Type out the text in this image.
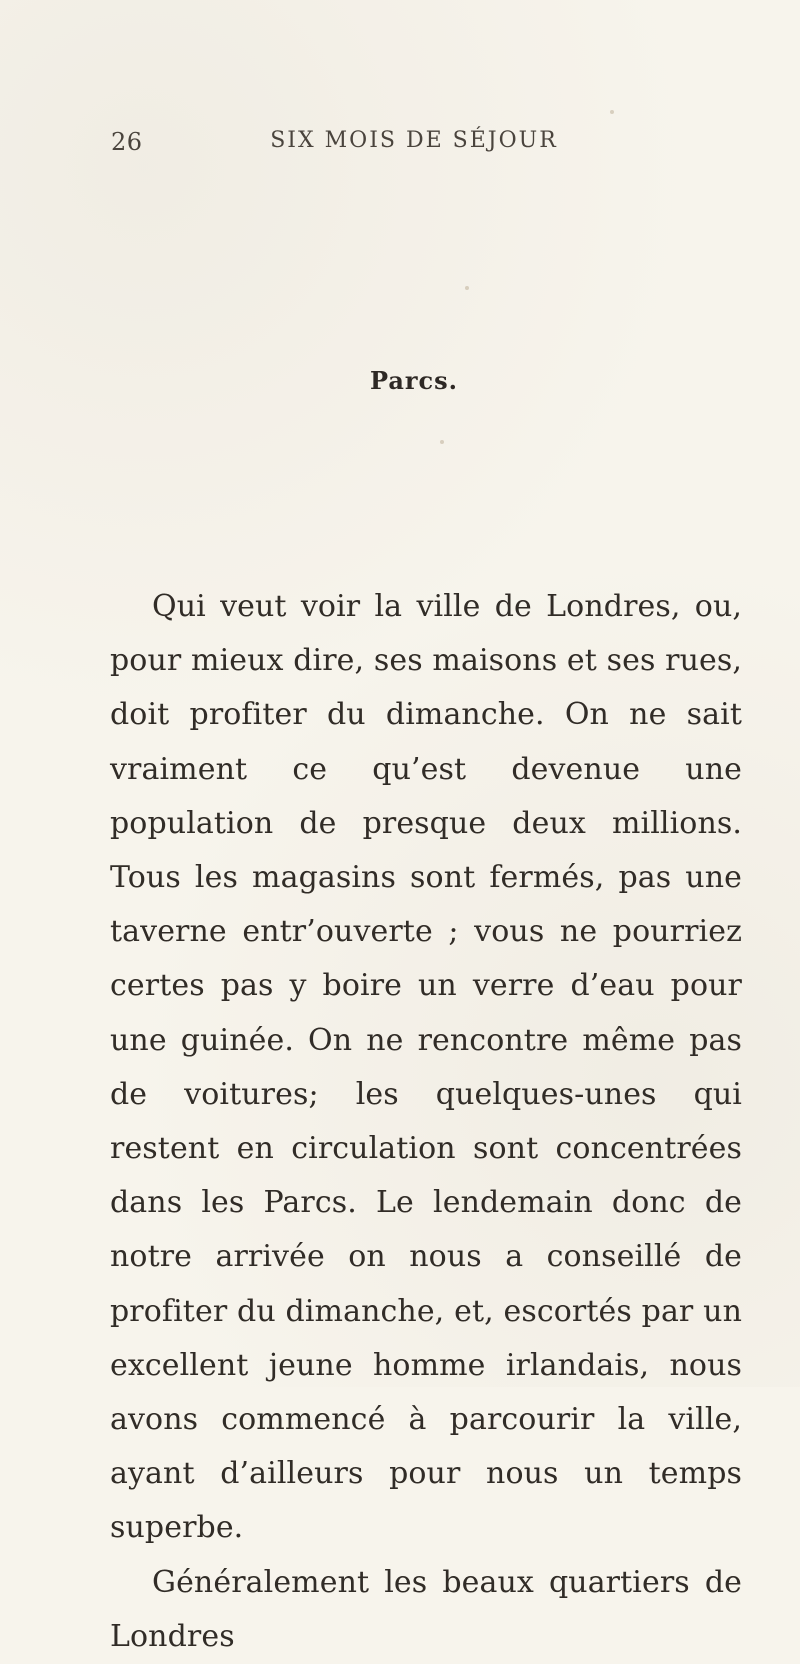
26	SIX MOIS DE SÉJOUR
Parcs.

Qui veut voir la ville de Londres, ou, pour mieux dire, ses maisons et ses rues, doit profiter du dimanche. On ne sait vraiment ce qu’est devenue une population de presque deux millions. Tous les magasins sont fermés, pas une taverne entr’ouverte ; vous ne pourriez certes pas y boire un verre d’eau pour une guinée. On ne rencontre même pas de voitures; les quelques-unes qui restent en circulation sont concentrées dans les Parcs. Le lendemain donc de notre arrivée on nous a conseillé de profiter du dimanche, et, escortés par un excellent jeune homme irlandais, nous avons commencé à parcourir la ville, ayant d’ailleurs pour nous un temps superbe.

Généralement les beaux quartiers de Londres
